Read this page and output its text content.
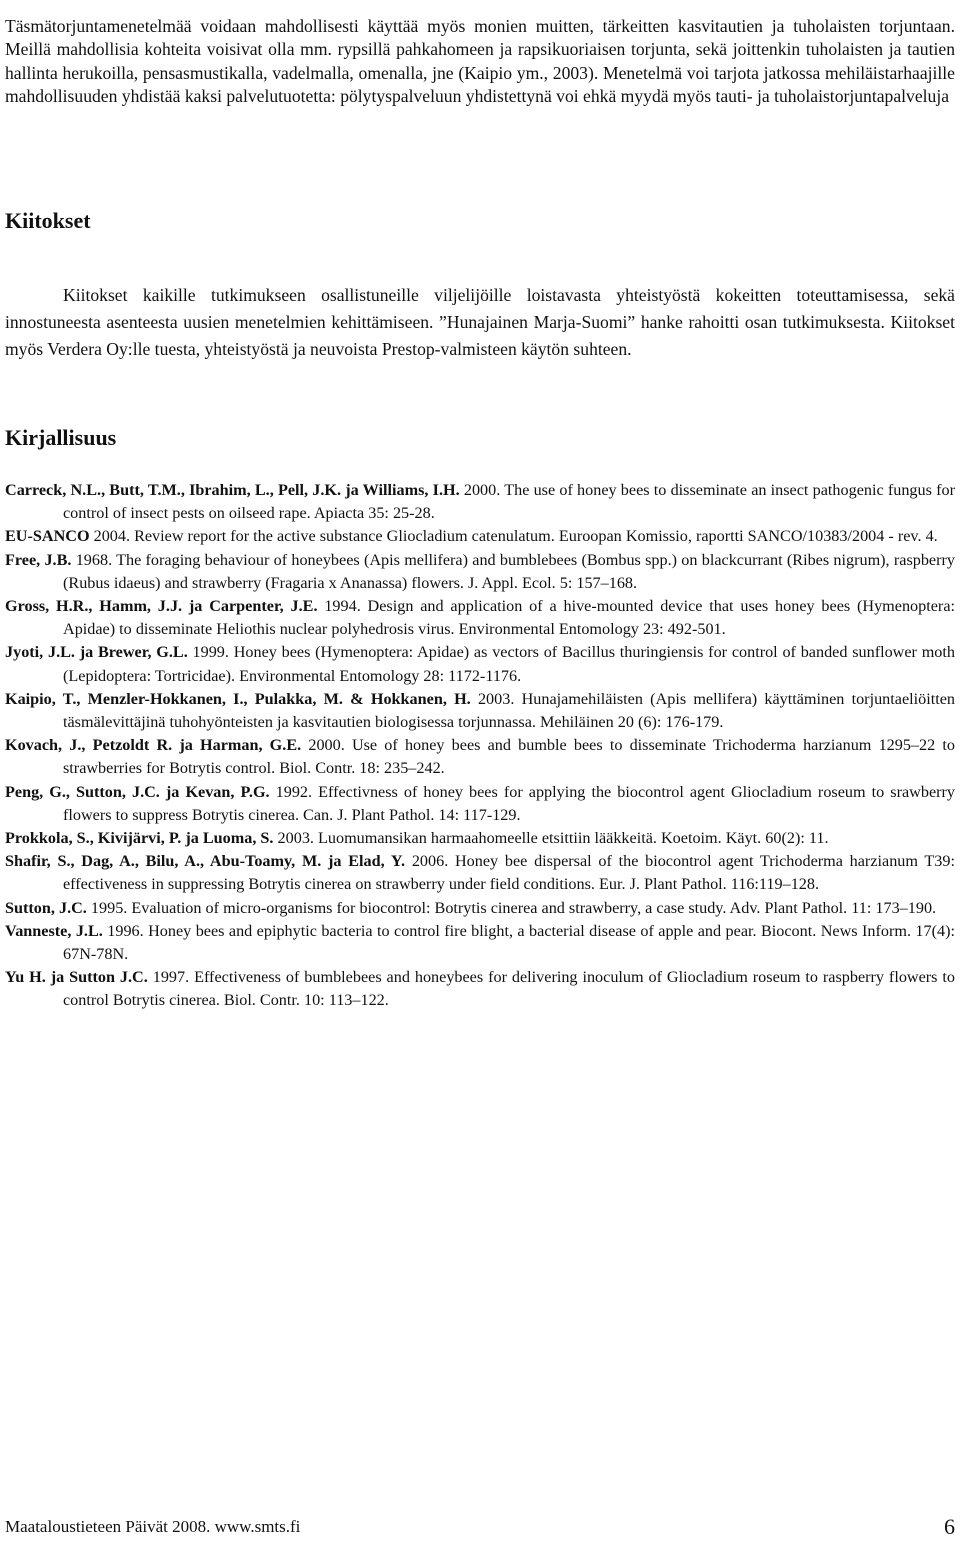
Täsmätorjuntamenetelmää voidaan mahdollisesti käyttää myös monien muitten, tärkeitten kasvitautien ja tuholaisten torjuntaan. Meillä mahdollisia kohteita voisivat olla mm. rypsillä pahkahomeen ja rapsikuoriaisen torjunta, sekä joittenkin tuholaisten ja tautien hallinta herukoilla, pensasmustikalla, vadelmalla, omenalla, jne (Kaipio ym., 2003). Menetelmä voi tarjota jatkossa mehiläistarhaajille mahdollisuuden yhdistää kaksi palvelutuotetta: pölytyspalveluun yhdistettynä voi ehkä myydä myös tauti- ja tuholaistorjuntapalveluja

Kiitokset

Kiitokset kaikille tutkimukseen osallistuneille viljelijöille loistavasta yhteistyöstä kokeitten toteuttamisessa, sekä innostuneesta asenteesta uusien menetelmien kehittämiseen. ”Hunajainen Marja-Suomi” hanke rahoitti osan tutkimuksesta. Kiitokset myös Verdera Oy:lle tuesta, yhteistyöstä ja neuvoista Prestop-valmisteen käytön suhteen.

Kirjallisuus

Carreck, N.L., Butt, T.M., Ibrahim, L., Pell, J.K. ja Williams, I.H. 2000. The use of honey bees to disseminate an insect pathogenic fungus for control of insect pests on oilseed rape. Apiacta 35: 25-28.

EU-SANCO 2004. Review report for the active substance Gliocladium catenulatum. Euroopan Komissio, raportti SANCO/10383/2004 - rev. 4.

Free, J.B. 1968. The foraging behaviour of honeybees (Apis mellifera) and bumblebees (Bombus spp.) on blackcurrant (Ribes nigrum), raspberry (Rubus idaeus) and strawberry (Fragaria x Ananassa) flowers. J. Appl. Ecol. 5: 157–168.

Gross, H.R., Hamm, J.J. ja Carpenter, J.E. 1994. Design and application of a hive-mounted device that uses honey bees (Hymenoptera: Apidae) to disseminate Heliothis nuclear polyhedrosis virus. Environmental Entomology 23: 492-501.

Jyoti, J.L. ja Brewer, G.L. 1999. Honey bees (Hymenoptera: Apidae) as vectors of Bacillus thuringiensis for control of banded sunflower moth (Lepidoptera: Tortricidae). Environmental Entomology 28: 1172-1176.

Kaipio, T., Menzler-Hokkanen, I., Pulakka, M. & Hokkanen, H. 2003. Hunajamehiläisten (Apis mellifera) käyttäminen torjuntaeliöitten täsmälevittäjinä tuhohyönteisten ja kasvitautien biologisessa torjunnassa. Mehiläinen 20 (6): 176-179.

Kovach, J., Petzoldt R. ja Harman, G.E. 2000. Use of honey bees and bumble bees to disseminate Trichoderma harzianum 1295–22 to strawberries for Botrytis control. Biol. Contr. 18: 235–242.

Peng, G., Sutton, J.C. ja Kevan, P.G. 1992. Effectivness of honey bees for applying the biocontrol agent Gliocladium roseum to srawberry flowers to suppress Botrytis cinerea. Can. J. Plant Pathol. 14: 117-129.

Prokkola, S., Kivijärvi, P. ja Luoma, S. 2003. Luomumansikan harmaahomeelle etsittiin lääkkeitä. Koetoim. Käyt. 60(2): 11.

Shafir, S., Dag, A., Bilu, A., Abu-Toamy, M. ja Elad, Y. 2006. Honey bee dispersal of the biocontrol agent Trichoderma harzianum T39: effectiveness in suppressing Botrytis cinerea on strawberry under field conditions. Eur. J. Plant Pathol. 116:119–128.

Sutton, J.C. 1995. Evaluation of micro-organisms for biocontrol: Botrytis cinerea and strawberry, a case study. Adv. Plant Pathol. 11: 173–190.

Vanneste, J.L. 1996. Honey bees and epiphytic bacteria to control fire blight, a bacterial disease of apple and pear. Biocont. News Inform. 17(4): 67N-78N.

Yu H. ja Sutton J.C. 1997. Effectiveness of bumblebees and honeybees for delivering inoculum of Gliocladium roseum to raspberry flowers to control Botrytis cinerea. Biol. Contr. 10: 113–122.

Maataloustieteen Päivät 2008. www.smts.fi	6
